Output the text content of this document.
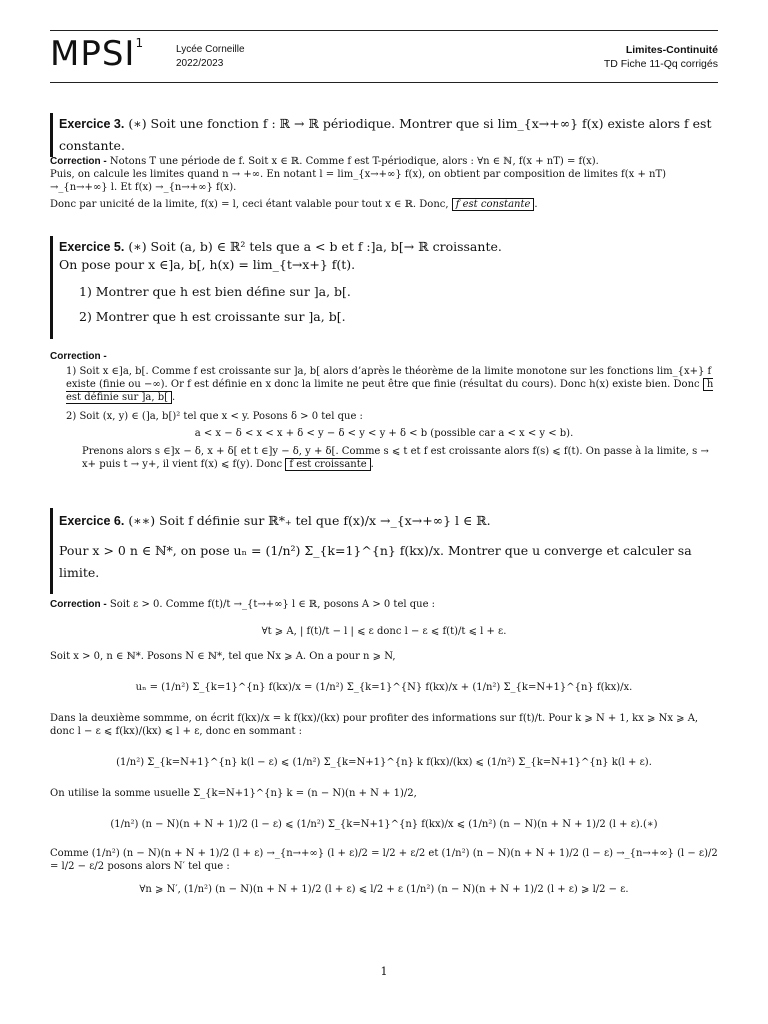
MPSI$^1$	Lycée Corneille
2022/2023
Limites-Continuité
TD Fiche 11-Qq corrigés
Exercice 3. (∗) Soit une fonction f : ℝ → ℝ périodique. Montrer que si lim_{x→+∞} f(x) existe alors f est constante.

Correction - Notons T une période de f. Soit x ∈ ℝ. Comme f est T-périodique, alors : ∀n ∈ ℕ, f(x + nT) = f(x).

Puis, on calcule les limites quand n → +∞. En notant l = lim_{x→+∞} f(x), on obtient par composition de limites f(x + nT) →_{n→+∞} l. Et f(x) →_{n→+∞} f(x).

Donc par unicité de la limite, f(x) = l, ceci étant valable pour tout x ∈ ℝ. Donc, f est constante .

Exercice 5. (∗) Soit (a, b) ∈ ℝ² tels que a < b et f :]a, b[→ ℝ croissante.

On pose pour x ∈]a, b[, h(x) = lim_{t→x+} f(t).

1) Montrer que h est bien défine sur ]a, b[.

2) Montrer que h est croissante sur ]a, b[.

Correction -

1) Soit x ∈]a, b[. Comme f est croissante sur ]a, b[ alors d’après le théorème de la limite monotone sur les fonctions lim_{x+} f existe (finie ou −∞). Or f est définie en x donc la limite ne peut être que finie (résultat du cours). Donc h(x) existe bien. Donc h est définie sur ]a, b[ .

2) Soit (x, y) ∈ (]a, b[)² tel que x < y. Posons δ > 0 tel que :

a < x − δ < x < x + δ < y − δ < y < y + δ < b (possible car a < x < y < b).

Prenons alors s ∈]x − δ, x + δ[ et t ∈]y − δ, y + δ[. Comme s ⩽ t et f est croissante alors f(s) ⩽ f(t). On passe à la limite, s → x+ puis t → y+, il vient f(x) ⩽ f(y). Donc f est croissante .

Exercice 6. (∗∗) Soit f définie sur ℝ*₊ tel que f(x)/x →_{x→+∞} l ∈ ℝ.

Pour x > 0 n ∈ ℕ*, on pose uₙ = (1/n²) Σ_{k=1}^{n} f(kx)/x. Montrer que u converge et calculer sa limite.

Correction - Soit ε > 0. Comme f(t)/t →_{t→+∞} l ∈ ℝ, posons A > 0 tel que :

∀t ⩾ A, | f(t)/t − l | ⩽ ε donc l − ε ⩽ f(t)/t ⩽ l + ε.

Soit x > 0, n ∈ ℕ*. Posons N ∈ ℕ*, tel que Nx ⩾ A. On a pour n ⩾ N,

uₙ = (1/n²) Σ_{k=1}^{n} f(kx)/x = (1/n²) Σ_{k=1}^{N} f(kx)/x + (1/n²) Σ_{k=N+1}^{n} f(kx)/x.

Dans la deuxième sommme, on écrit f(kx)/x = k f(kx)/(kx) pour profiter des informations sur f(t)/t. Pour k ⩾ N + 1, kx ⩾ Nx ⩾ A, donc l − ε ⩽ f(kx)/(kx) ⩽ l + ε, donc en sommant :

(1/n²) Σ_{k=N+1}^{n} k(l − ε) ⩽ (1/n²) Σ_{k=N+1}^{n} k f(kx)/(kx) ⩽ (1/n²) Σ_{k=N+1}^{n} k(l + ε).

On utilise la somme usuelle Σ_{k=N+1}^{n} k = (n − N)(n + N + 1)/2,

(1/n²) (n − N)(n + N + 1)/2 (l − ε) ⩽ (1/n²) Σ_{k=N+1}^{n} f(kx)/x ⩽ (1/n²) (n − N)(n + N + 1)/2 (l + ε).(∗)

Comme (1/n²) (n − N)(n + N + 1)/2 (l + ε) →_{n→+∞} (l + ε)/2 = l/2 + ε/2 et (1/n²) (n − N)(n + N + 1)/2 (l − ε) →_{n→+∞} (l − ε)/2 = l/2 − ε/2 posons alors N′ tel que :

∀n ⩾ N′, (1/n²) (n − N)(n + N + 1)/2 (l + ε) ⩽ l/2 + ε (1/n²) (n − N)(n + N + 1)/2 (l + ε) ⩾ l/2 − ε.

1
